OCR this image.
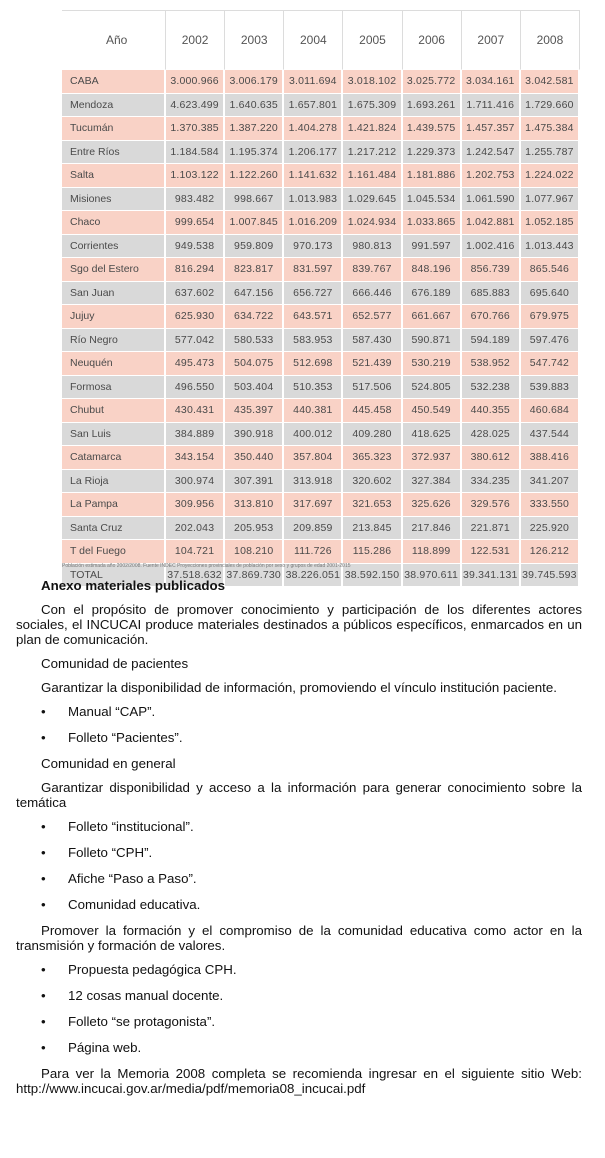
Año	2002	2003	2004	2005	2006	2007	2008
CABA	3.000.966	3.006.179	3.011.694	3.018.102	3.025.772	3.034.161	3.042.581
Mendoza	4.623.499	1.640.635	1.657.801	1.675.309	1.693.261	1.711.416	1.729.660
Tucumán	1.370.385	1.387.220	1.404.278	1.421.824	1.439.575	1.457.357	1.475.384
Entre Ríos	1.184.584	1.195.374	1.206.177	1.217.212	1.229.373	1.242.547	1.255.787
Salta	1.103.122	1.122.260	1.141.632	1.161.484	1.181.886	1.202.753	1.224.022
Misiones	983.482	998.667	1.013.983	1.029.645	1.045.534	1.061.590	1.077.967
Chaco	999.654	1.007.845	1.016.209	1.024.934	1.033.865	1.042.881	1.052.185
Corrientes	949.538	959.809	970.173	980.813	991.597	1.002.416	1.013.443
Sgo del Estero	816.294	823.817	831.597	839.767	848.196	856.739	865.546
San Juan	637.602	647.156	656.727	666.446	676.189	685.883	695.640
Jujuy	625.930	634.722	643.571	652.577	661.667	670.766	679.975
Río Negro	577.042	580.533	583.953	587.430	590.871	594.189	597.476
Neuquén	495.473	504.075	512.698	521.439	530.219	538.952	547.742
Formosa	496.550	503.404	510.353	517.506	524.805	532.238	539.883
Chubut	430.431	435.397	440.381	445.458	450.549	440.355	460.684
San Luis	384.889	390.918	400.012	409.280	418.625	428.025	437.544
Catamarca	343.154	350.440	357.804	365.323	372.937	380.612	388.416
La Rioja	300.974	307.391	313.918	320.602	327.384	334.235	341.207
La Pampa	309.956	313.810	317.697	321.653	325.626	329.576	333.550
Santa Cruz	202.043	205.953	209.859	213.845	217.846	221.871	225.920
T del Fuego	104.721	108.210	111.726	115.286	118.899	122.531	126.212
TOTAL	37.518.632	37.869.730	38.226.051	38.592.150	38.970.611	39.341.131	39.745.593
Población estimada año 2002/2008. Fuente INDEC Proyecciones provinciales de población por sexo y grupos de edad 2001-2015

Anexo materiales publicados

Con el propósito de promover conocimiento y participación de los diferentes actores sociales, el INCUCAI produce materiales destinados a públicos específicos, enmarcados en un plan de comunicación.

Comunidad de pacientes

Garantizar la disponibilidad de información, promoviendo el vínculo institución paciente.

• Manual “CAP”.
• Folleto “Pacientes”.

Comunidad en general

Garantizar disponibilidad y acceso a la información para generar conocimiento sobre la temática

• Folleto “institucional”.
• Folleto “CPH”.
• Afiche “Paso a Paso”.
• Comunidad educativa.

Promover la formación y el compromiso de la comunidad educativa como actor en la transmisión y formación de valores.

• Propuesta pedagógica CPH.
• 12 cosas manual docente.
• Folleto “se protagonista”.
• Página web.

Para ver la Memoria 2008 completa se recomienda ingresar en el siguiente sitio Web: http://www.incucai.gov.ar/media/pdf/memoria08_incucai.pdf
